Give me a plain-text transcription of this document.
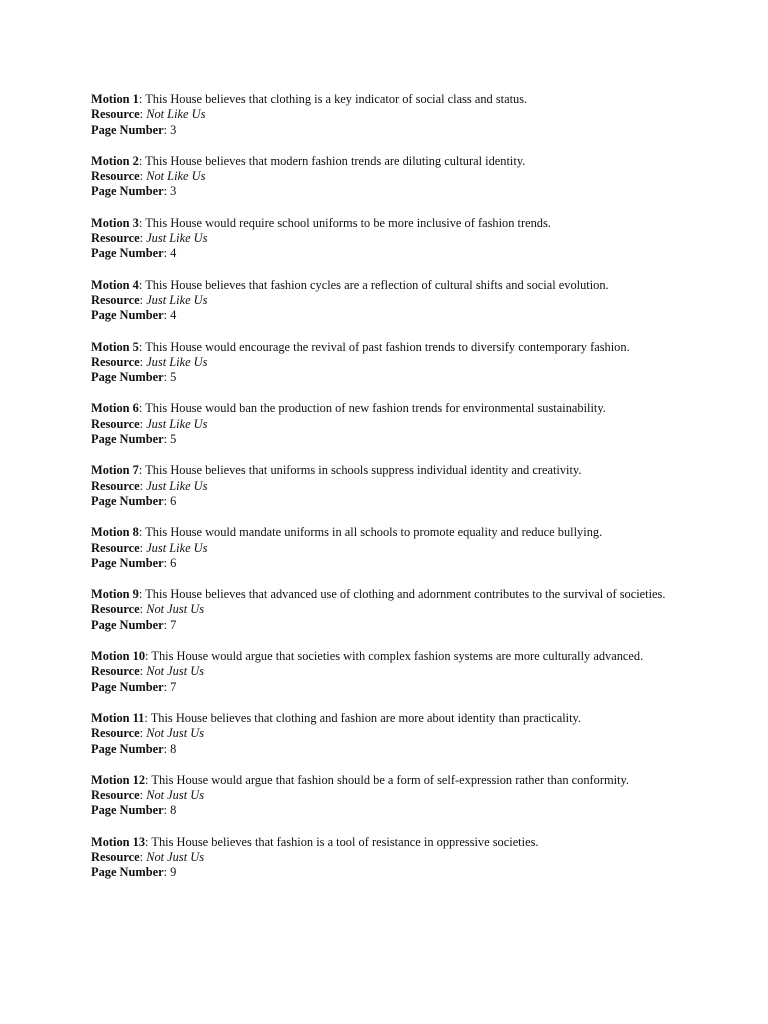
Motion 1: This House believes that clothing is a key indicator of social class and status.
Resource: Not Like Us
Page Number: 3
Motion 2: This House believes that modern fashion trends are diluting cultural identity.
Resource: Not Like Us
Page Number: 3
Motion 3: This House would require school uniforms to be more inclusive of fashion trends.
Resource: Just Like Us
Page Number: 4
Motion 4: This House believes that fashion cycles are a reflection of cultural shifts and social evolution.
Resource: Just Like Us
Page Number: 4
Motion 5: This House would encourage the revival of past fashion trends to diversify contemporary fashion.
Resource: Just Like Us
Page Number: 5
Motion 6: This House would ban the production of new fashion trends for environmental sustainability.
Resource: Just Like Us
Page Number: 5
Motion 7: This House believes that uniforms in schools suppress individual identity and creativity.
Resource: Just Like Us
Page Number: 6
Motion 8: This House would mandate uniforms in all schools to promote equality and reduce bullying.
Resource: Just Like Us
Page Number: 6
Motion 9: This House believes that advanced use of clothing and adornment contributes to the survival of societies.
Resource: Not Just Us
Page Number: 7
Motion 10: This House would argue that societies with complex fashion systems are more culturally advanced.
Resource: Not Just Us
Page Number: 7
Motion 11: This House believes that clothing and fashion are more about identity than practicality.
Resource: Not Just Us
Page Number: 8
Motion 12: This House would argue that fashion should be a form of self-expression rather than conformity.
Resource: Not Just Us
Page Number: 8
Motion 13: This House believes that fashion is a tool of resistance in oppressive societies.
Resource: Not Just Us
Page Number: 9
